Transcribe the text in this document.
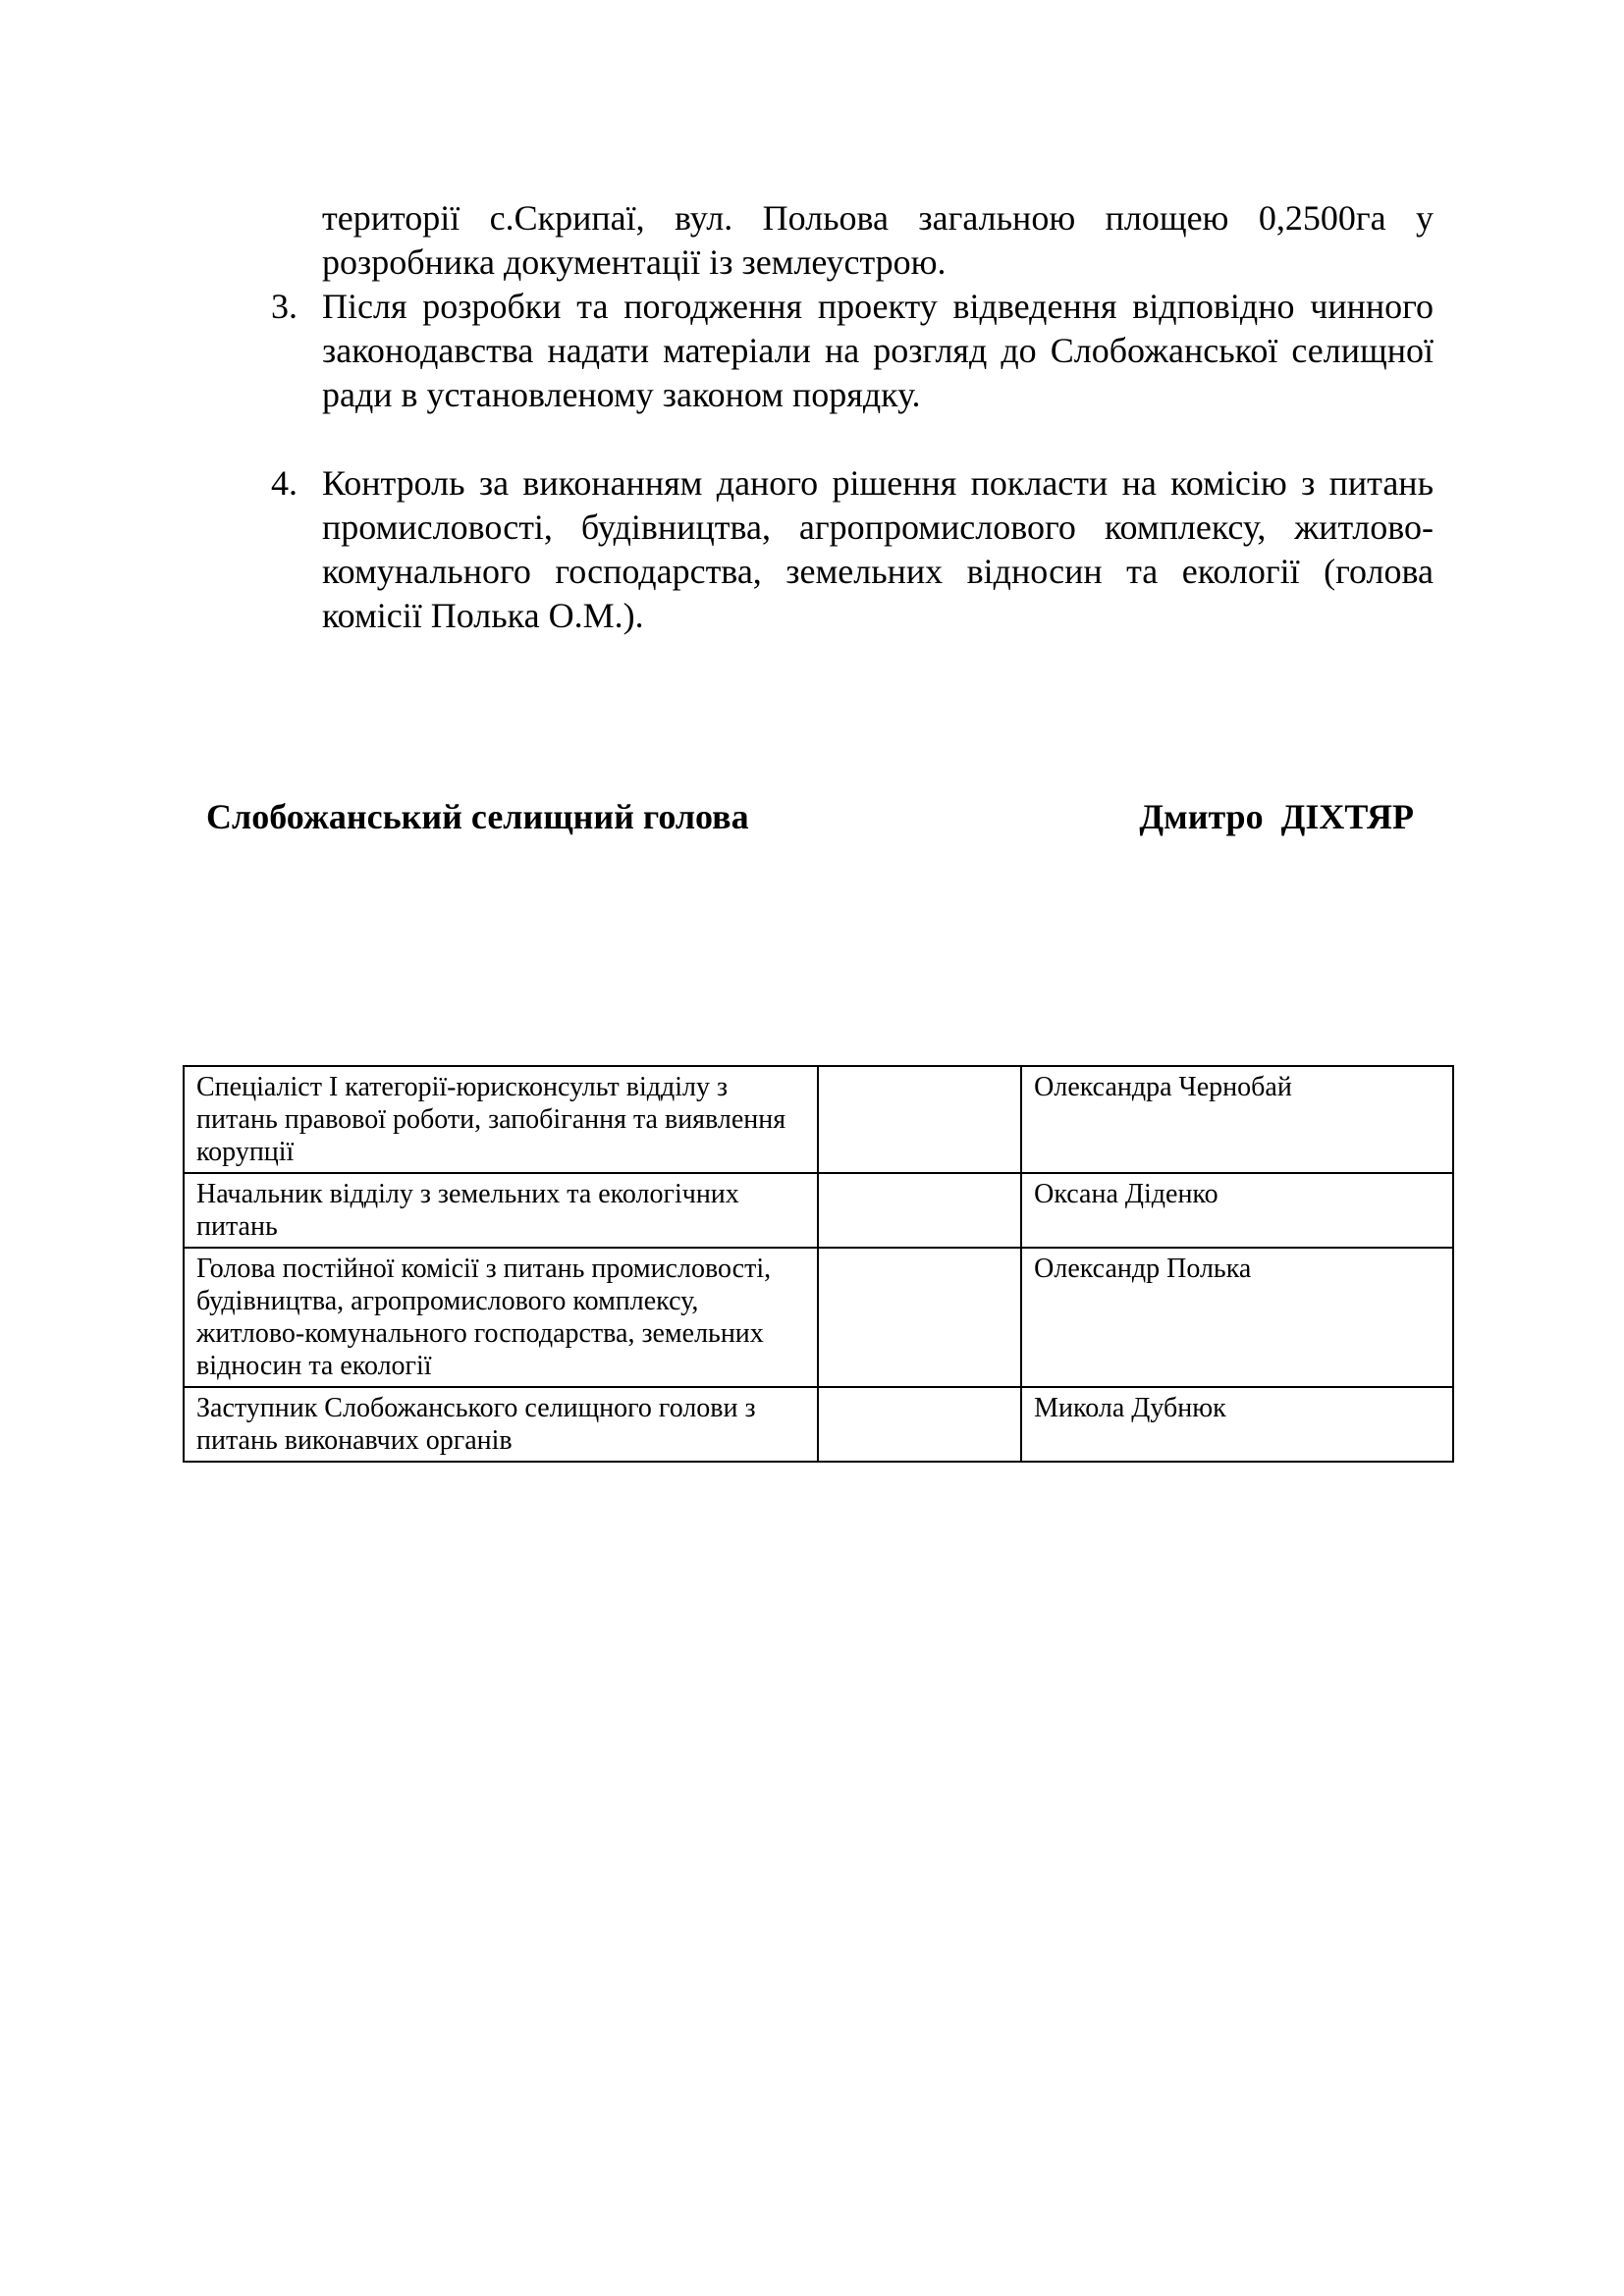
території с.Скрипаї, вул. Польова загальною площею 0,2500га у розробника документації із землеустрою.
3. Після розробки та погодження проекту відведення відповідно чинного законодавства надати матеріали на розгляд до Слобожанської селищної ради в установленому законом порядку.
4. Контроль за виконанням даного рішення покласти на комісію з питань промисловості, будівництва, агропромислового комплексу, житлово-комунального господарства, земельних відносин та екології (голова комісії Полька О.М.).
Слобожанський селищний голова	Дмитро  ДІХТЯР
Спеціаліст І категорії-юрисконсульт відділу з питань правової роботи, запобігання та виявлення корупції		Олександра Чернобай
Начальник відділу з земельних та екологічних питань		Оксана Діденко
Голова постійної комісії з питань промисловості, будівництва, агропромислового комплексу, житлово-комунального господарства, земельних відносин та екології		Олександр Полька
Заступник Слобожанського селищного голови з питань виконавчих органів		Микола Дубнюк
